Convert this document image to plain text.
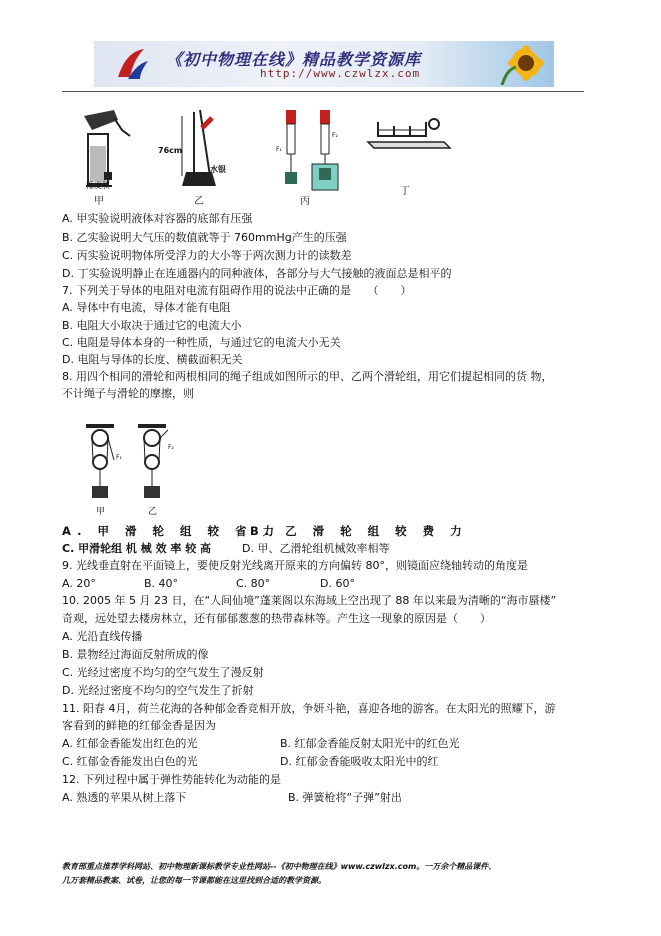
《初中物理在线》精品教学资源库
http://www.czwlzx.com
橡皮膜
甲
76cm
水银
乙
F₁
F₂
丙
丁
F₁
F₂
甲	乙
A. 甲实验说明液体对容器的底部有压强
B. 乙实验说明大气压的数值就等于 760mmHg产生的压强
C. 丙实验说明物体所受浮力的大小等于两次测力计的读数差
D. 丁实验说明静止在连通器内的同种液体，各部分与大气接触的液面总是相平的
7. 下列关于导体的电阻对电流有阻碍作用的说法中正确的是　　（　　）
A. 导体中有电流，导体才能有电阻
B. 电阻大小取决于通过它的电流大小
C. 电阻是导体本身的一种性质，与通过它的电流大小无关
D. 电阻与导体的长度、横截面积无关
8. 用四个相同的滑轮和两根相同的绳子组成如图所示的甲、乙两个滑轮组，用它们提起相同的货 物，
不计绳子与滑轮的摩擦，则
A. 甲 滑 轮 组 较 省 力
B. 乙 滑 轮 组 较 费 力
C. 甲滑轮组 机 械 效 率 较 高	D. 甲、乙滑轮组机械效率相等
9. 光线垂直射在平面镜上，要使反射光线离开原来的方向偏转 80°，则镜面应绕轴转动的角度是
A. 20°	B. 40°	C. 80°	D. 60°
10. 2005 年 5 月 23 日，在“人间仙境”蓬莱阁以东海域上空出现了 88 年以来最为清晰的“海市蜃楼”
奇观，远处望去楼房林立，还有郁郁葱葱的热带森林等。产生这一现象的原因是（　　）
A. 光沿直线传播
B. 景物经过海面反射所成的像
C. 光经过密度不均匀的空气发生了漫反射
D. 光经过密度不均匀的空气发生了折射
11. 阳春 4月，荷兰花海的各种郁金香竞相开放，争妍斗艳，喜迎各地的游客。在太阳光的照耀下，游
客看到的鲜艳的红郁金香是因为
A. 红郁金香能发出红色的光	B. 红郁金香能反射太阳光中的红色光
C. 红郁金香能发出白色的光	D. 红郁金香能吸收太阳光中的红
12. 下列过程中属于弹性势能转化为动能的是
A. 熟透的苹果从树上落下	B. 弹簧枪将“子弹”射出
教育部重点推荐学科网站、初中物理新课标教学专业性网站--《初中物理在线》www.czwlzx.com。一万余个精品课件、
几万套精品教案、试卷，让您的每一节课都能在这里找到合适的教学资源。
